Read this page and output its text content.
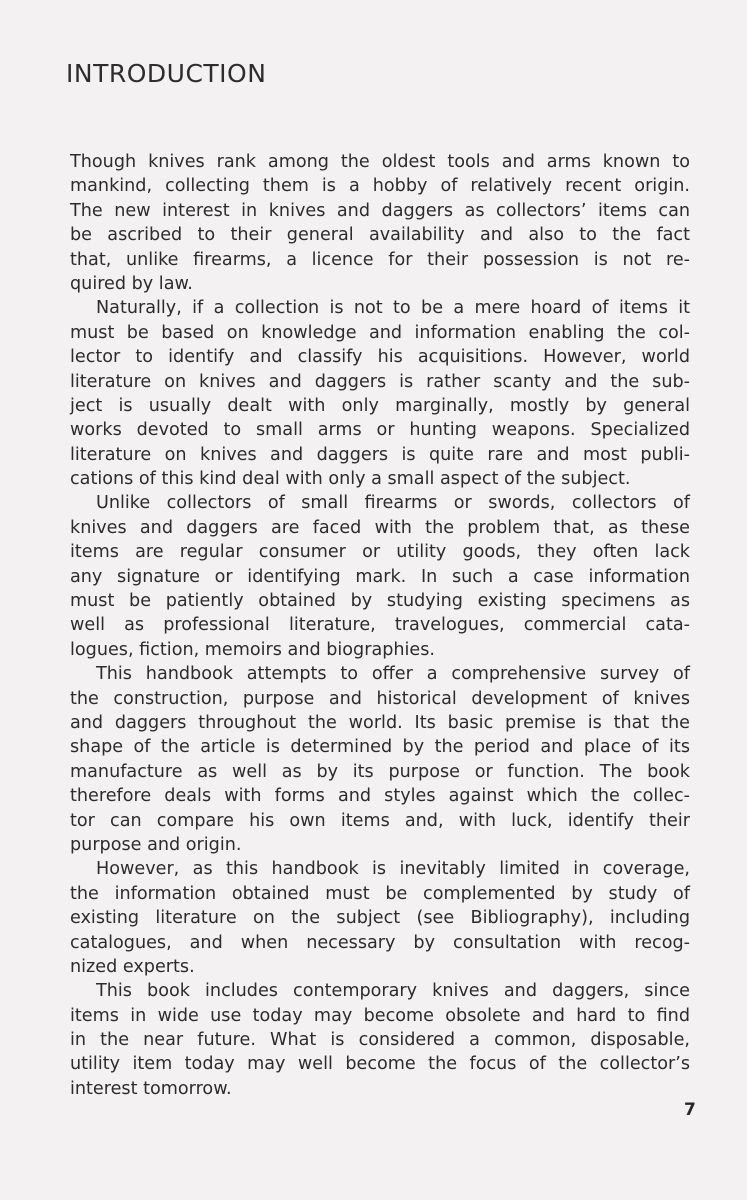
INTRODUCTION

Though knives rank among the oldest tools and arms known to
mankind, collecting them is a hobby of relatively recent origin.
The new interest in knives and daggers as collectors’ items can
be ascribed to their general availability and also to the fact
that, unlike firearms, a licence for their possession is not re-
quired by law.

Naturally, if a collection is not to be a mere hoard of items it
must be based on knowledge and information enabling the col-
lector to identify and classify his acquisitions. However, world
literature on knives and daggers is rather scanty and the sub-
ject is usually dealt with only marginally, mostly by general
works devoted to small arms or hunting weapons. Specialized
literature on knives and daggers is quite rare and most publi-
cations of this kind deal with only a small aspect of the subject.

Unlike collectors of small firearms or swords, collectors of
knives and daggers are faced with the problem that, as these
items are regular consumer or utility goods, they often lack
any signature or identifying mark. In such a case information
must be patiently obtained by studying existing specimens as
well as professional literature, travelogues, commercial cata-
logues, fiction, memoirs and biographies.

This handbook attempts to offer a comprehensive survey of
the construction, purpose and historical development of knives
and daggers throughout the world. Its basic premise is that the
shape of the article is determined by the period and place of its
manufacture as well as by its purpose or function. The book
therefore deals with forms and styles against which the collec-
tor can compare his own items and, with luck, identify their
purpose and origin.

However, as this handbook is inevitably limited in coverage,
the information obtained must be complemented by study of
existing literature on the subject (see Bibliography), including
catalogues, and when necessary by consultation with recog-
nized experts.

This book includes contemporary knives and daggers, since
items in wide use today may become obsolete and hard to find
in the near future. What is considered a common, disposable,
utility item today may well become the focus of the collector’s
interest tomorrow.

7
